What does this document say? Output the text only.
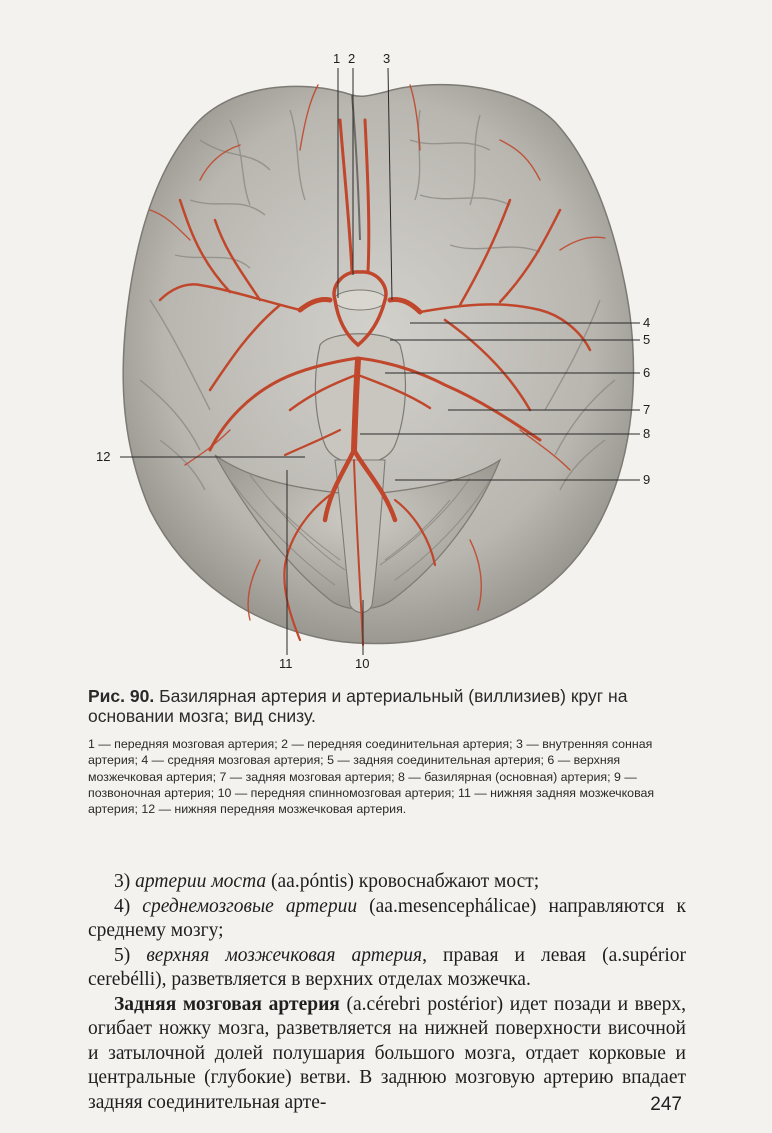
1 2 3
4
5
6
7
8
9
10
11
12
Рис. 90. Базилярная артерия и артериальный (виллизиев) круг на основании мозга; вид снизу.
1 — передняя мозговая артерия; 2 — передняя соединительная артерия; 3 — внутренняя сонная артерия; 4 — средняя мозговая артерия; 5 — задняя соединительная артерия; 6 — верхняя мозжечковая артерия; 7 — задняя мозговая артерия; 8 — базилярная (основная) артерия; 9 — позвоночная артерия; 10 — передняя спинномозговая артерия; 11 — нижняя задняя мозжечковая артерия; 12 — нижняя передняя мозжечковая артерия.

3) артерии моста (aa.póntis) кровоснабжают мост;

4) среднемозговые артерии (aa.mesencephálicae) направляются к среднему мозгу;

5) верхняя мозжечковая артерия, правая и левая (a.supérior cerebélli), разветвляется в верхних отделах мозжечка.

Задняя мозговая артерия (a.cérebri postérior) идет позади и вверх, огибает ножку мозга, разветвляется на нижней поверхности височной и затылочной долей полушария большого мозга, отдает корковые и центральные (глубокие) ветви. В заднюю мозговую артерию впадает задняя соединительная арте-	247
